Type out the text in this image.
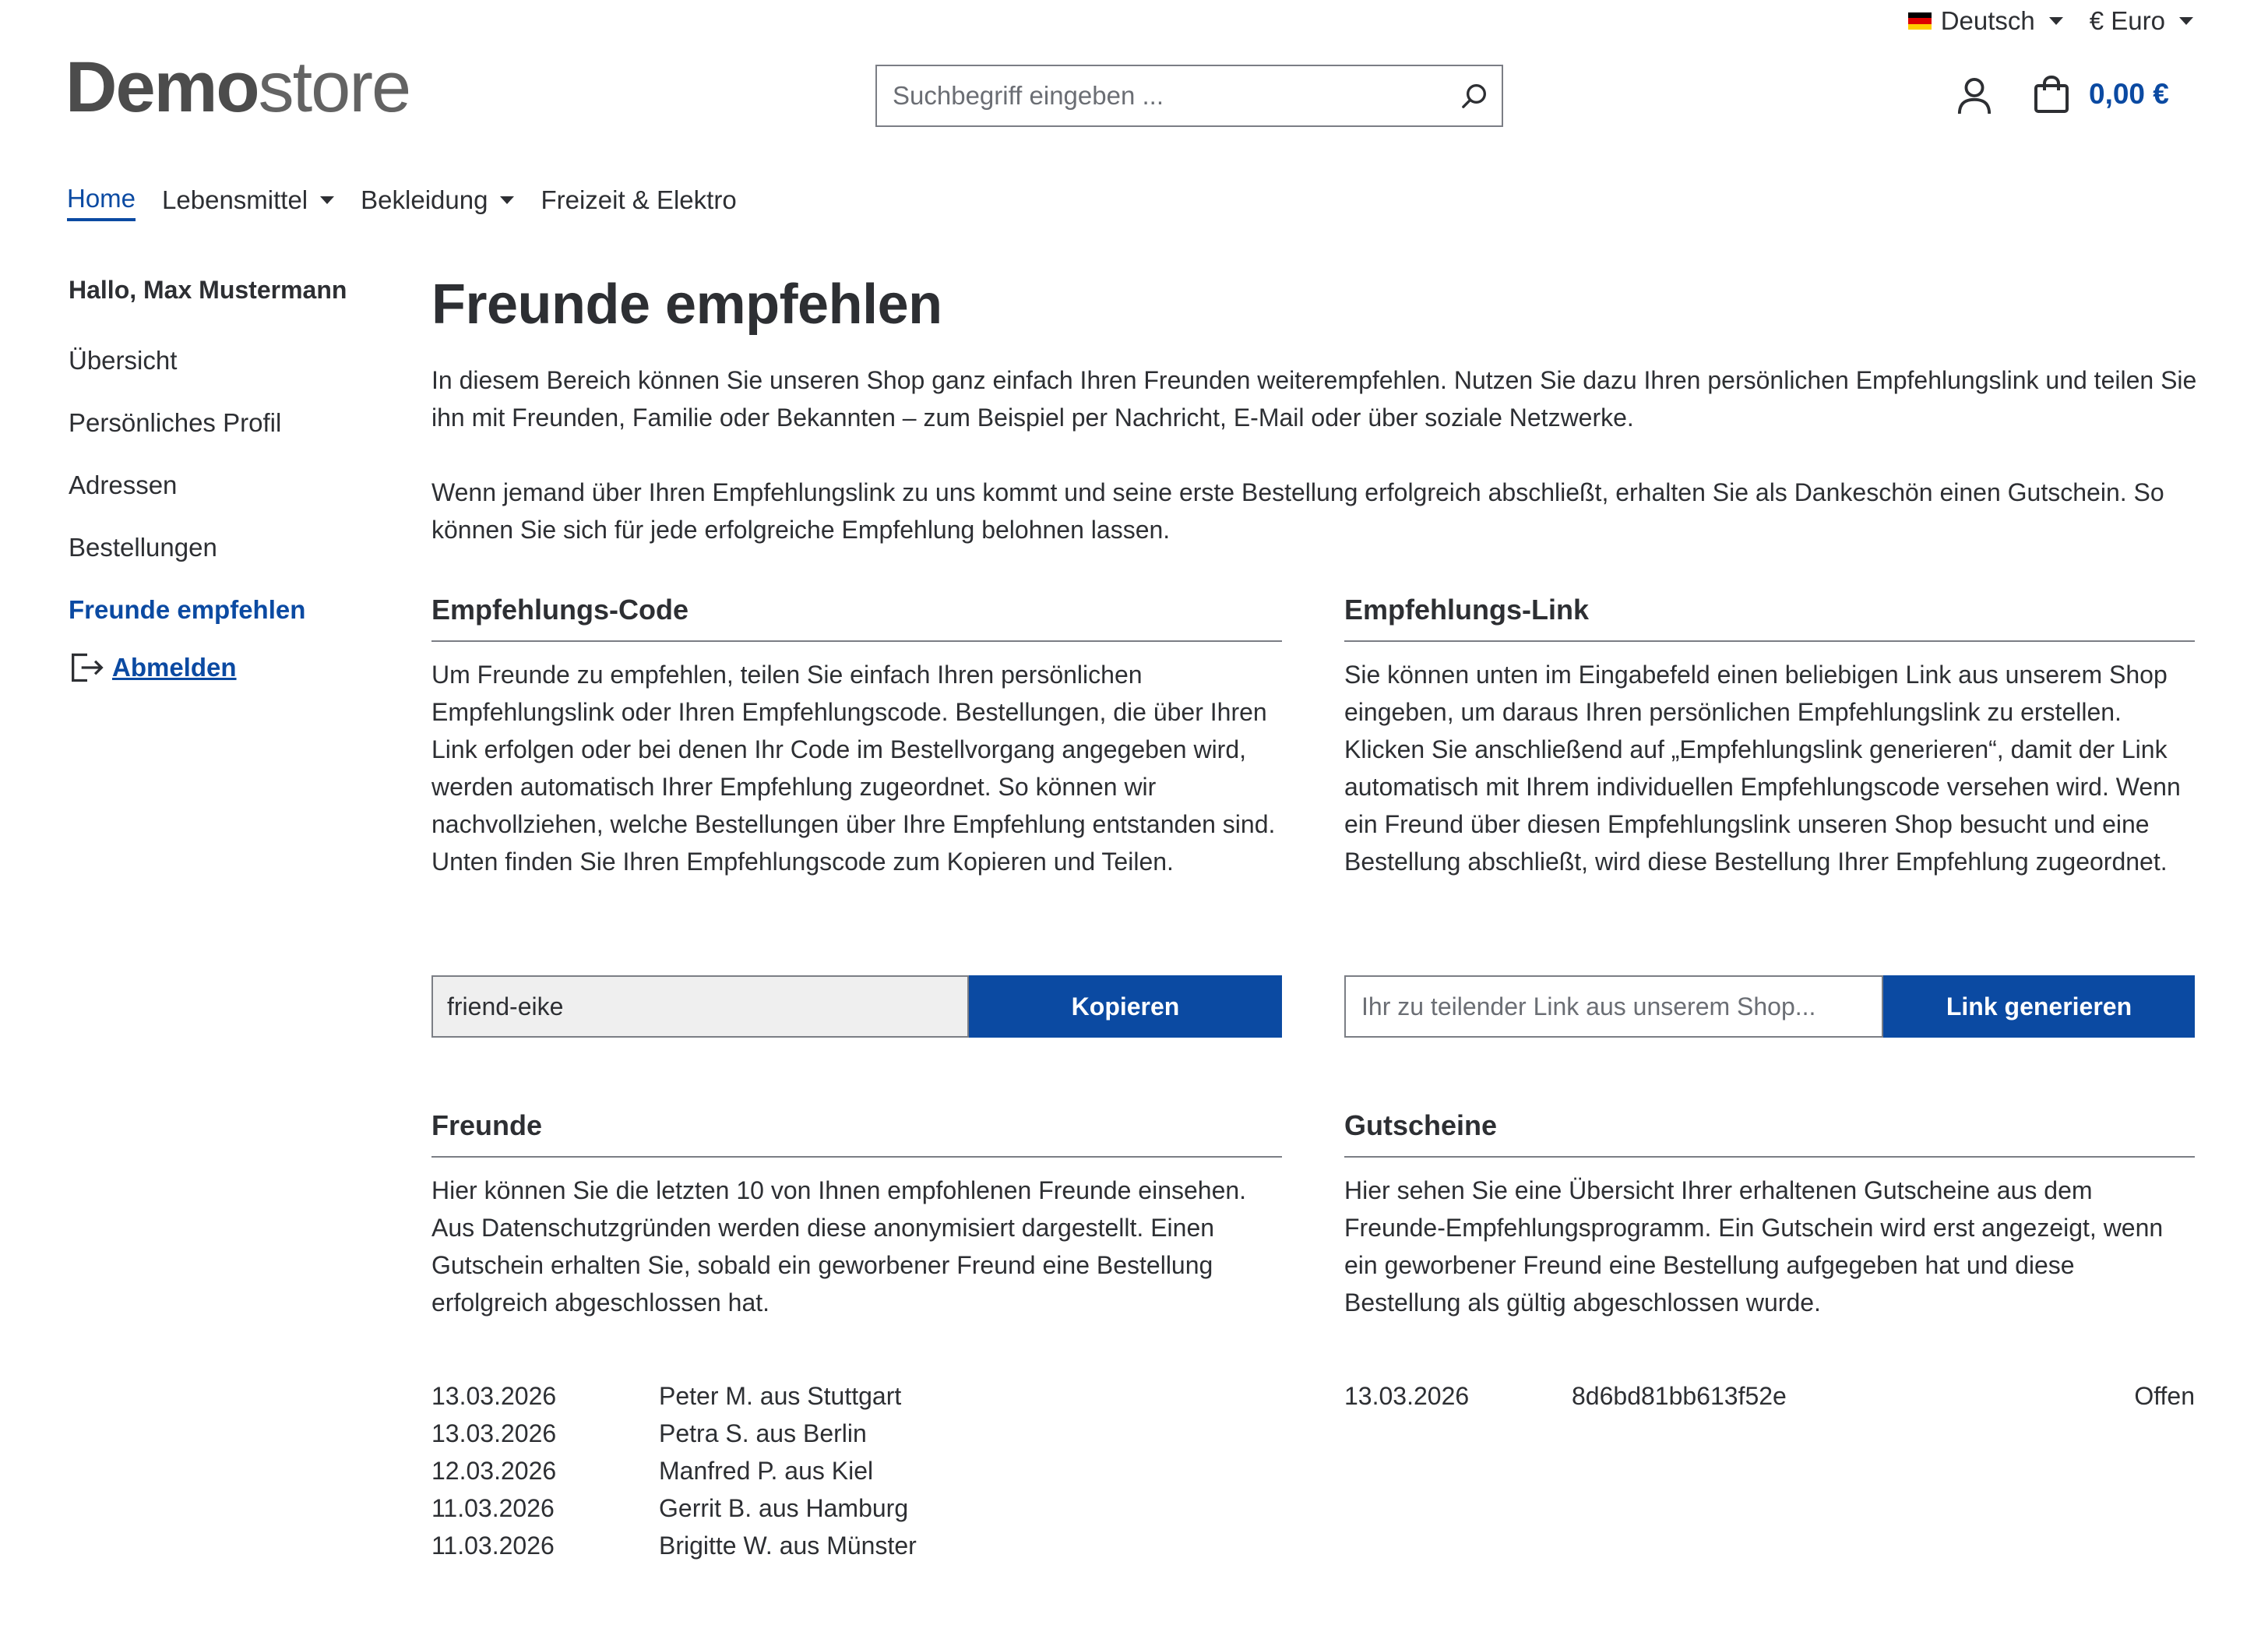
Deutsch € Euro
Demostore
Suchbegriff eingeben ...	0,00 €
Home Lebensmittel Bekleidung Freizeit & Elektro
Hallo, Max Mustermann
Übersicht
Persönliches Profil
Adressen
Bestellungen
Freunde empfehlen
Abmelden
Freunde empfehlen

In diesem Bereich können Sie unseren Shop ganz einfach Ihren Freunden weiterempfehlen. Nutzen Sie dazu Ihren persönlichen Empfehlungslink und teilen Sie ihn mit Freunden, Familie oder Bekannten – zum Beispiel per Nachricht, E-Mail oder über soziale Netzwerke.

Wenn jemand über Ihren Empfehlungslink zu uns kommt und seine erste Bestellung erfolgreich abschließt, erhalten Sie als Dankeschön einen Gutschein. So können Sie sich für jede erfolgreiche Empfehlung belohnen lassen.

Empfehlungs-Code
Um Freunde zu empfehlen, teilen Sie einfach Ihren persönlichen Empfehlungslink oder Ihren Empfehlungscode. Bestellungen, die über Ihren Link erfolgen oder bei denen Ihr Code im Bestellvorgang angegeben wird, werden automatisch Ihrer Empfehlung zugeordnet. So können wir nachvollziehen, welche Bestellungen über Ihre Empfehlung entstanden sind. Unten finden Sie Ihren Empfehlungscode zum Kopieren und Teilen.
friend-eike	Kopieren
Empfehlungs-Link
Sie können unten im Eingabefeld einen beliebigen Link aus unserem Shop eingeben, um daraus Ihren persönlichen Empfehlungslink zu erstellen. Klicken Sie anschließend auf „Empfehlungslink generieren“, damit der Link automatisch mit Ihrem individuellen Empfehlungscode versehen wird. Wenn ein Freund über diesen Empfehlungslink unseren Shop besucht und eine Bestellung abschließt, wird diese Bestellung Ihrer Empfehlung zugeordnet.
Ihr zu teilender Link aus unserem Shop...
Link generieren
Freunde
Hier können Sie die letzten 10 von Ihnen empfohlenen Freunde einsehen. Aus Datenschutzgründen werden diese anonymisiert dargestellt. Einen Gutschein erhalten Sie, sobald ein geworbener Freund eine Bestellung erfolgreich abgeschlossen hat.
13.03.2026	Peter M. aus Stuttgart
13.03.2026	Petra S. aus Berlin
12.03.2026	Manfred P. aus Kiel
11.03.2026	Gerrit B. aus Hamburg
11.03.2026	Brigitte W. aus Münster
Gutscheine
Hier sehen Sie eine Übersicht Ihrer erhaltenen Gutscheine aus dem Freunde-Empfehlungsprogramm. Ein Gutschein wird erst angezeigt, wenn ein geworbener Freund eine Bestellung aufgegeben hat und diese Bestellung als gültig abgeschlossen wurde.
13.03.2026	8d6bd81bb613f52e	Offen
